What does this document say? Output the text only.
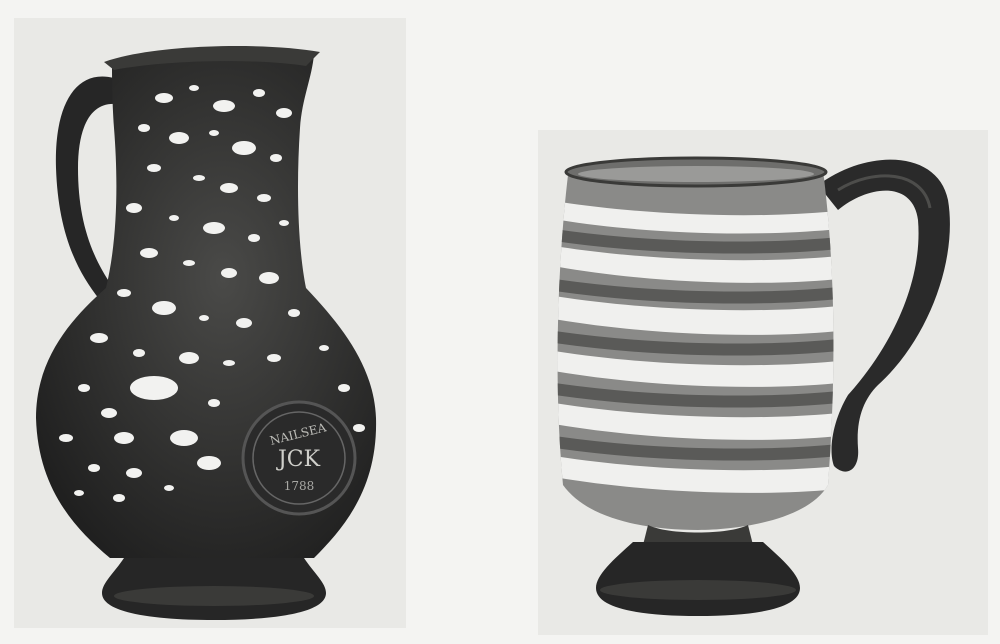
NAILSEA
JCK
1788
